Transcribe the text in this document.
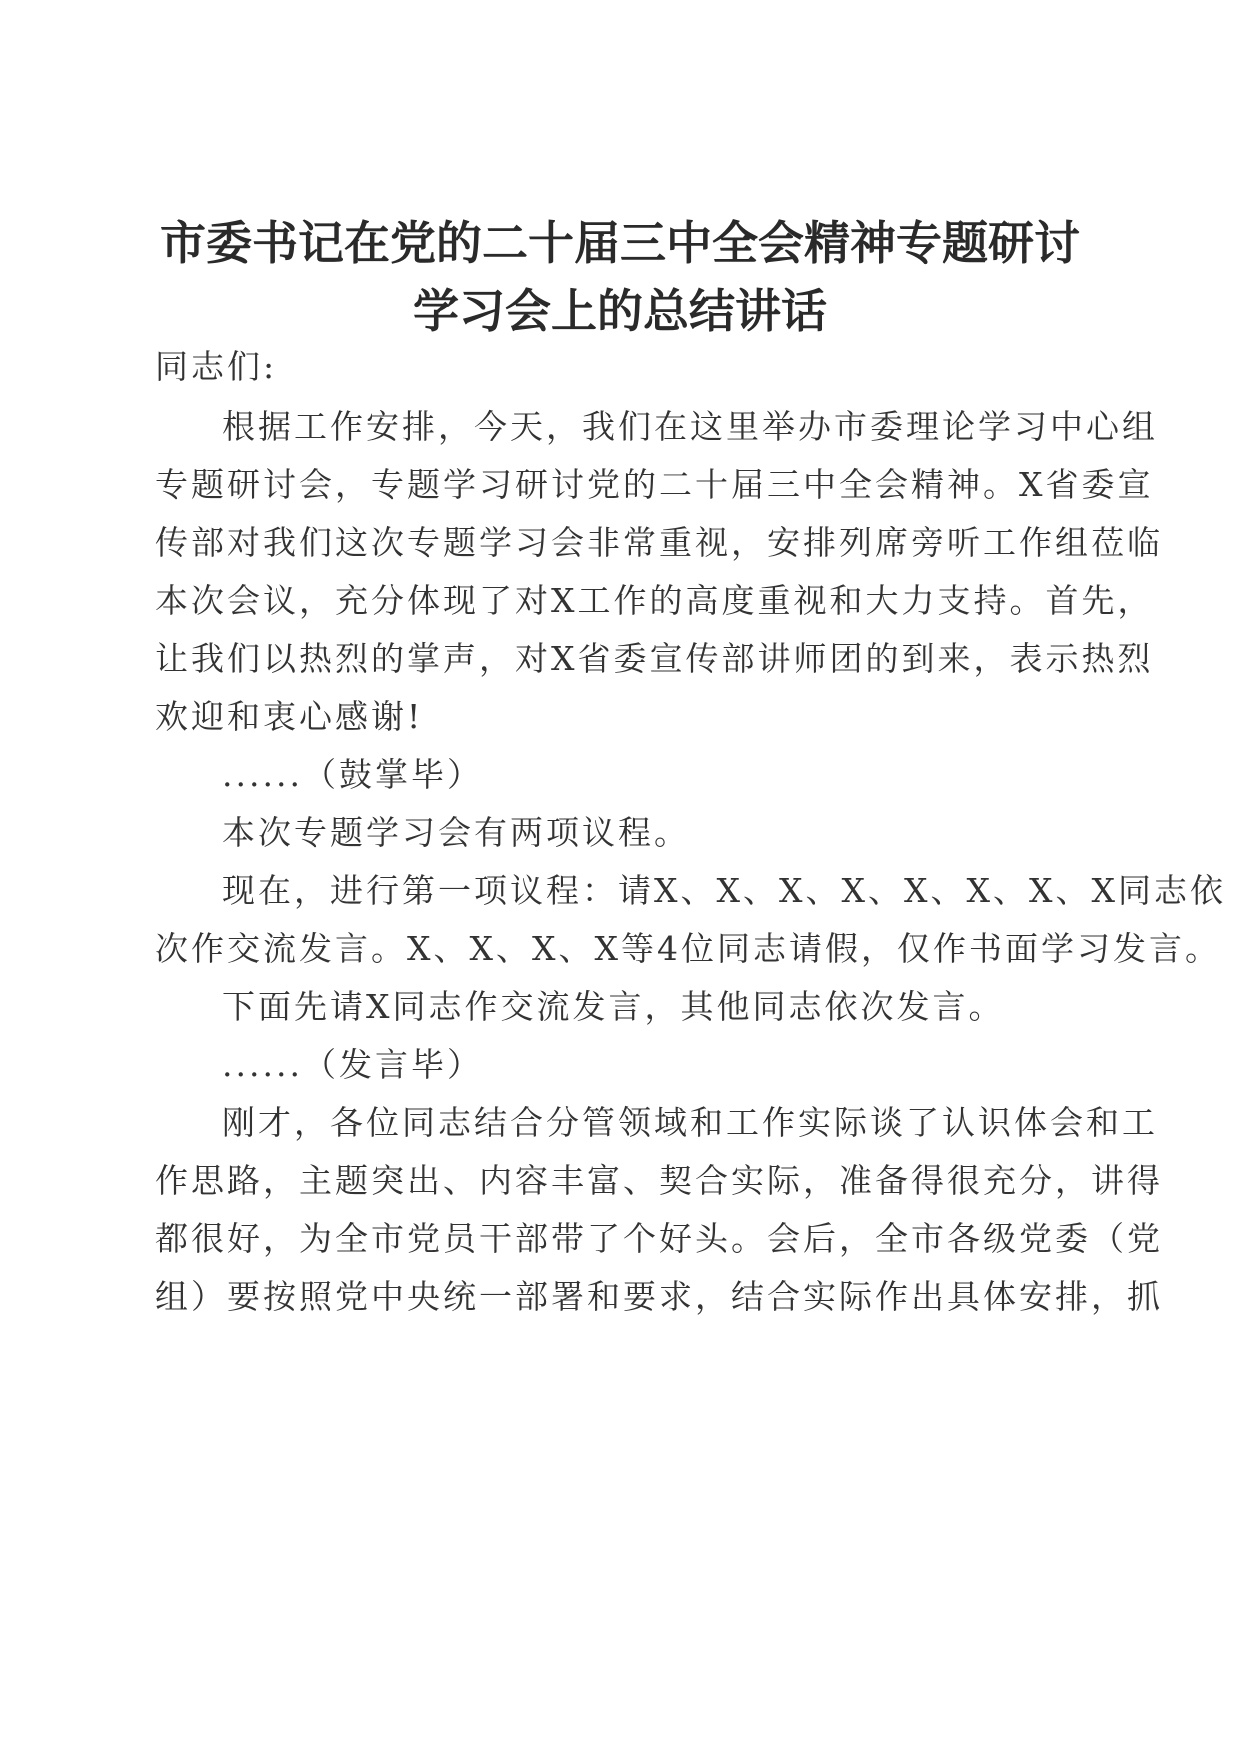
市委书记在党的二十届三中全会精神专题研讨
学习会上的总结讲话
同志们:
根据工作安排，今天，我们在这里举办市委理论学习中心组
专题研讨会，专题学习研讨党的二十届三中全会精神。X省委宣
传部对我们这次专题学习会非常重视，安排列席旁听工作组莅临
本次会议，充分体现了对X工作的高度重视和大力支持。首先，
让我们以热烈的掌声，对X省委宣传部讲师团的到来，表示热烈
欢迎和衷心感谢!
......（鼓掌毕）
本次专题学习会有两项议程。
现在，进行第一项议程：请X、X、X、X、X、X、X、X同志依
次作交流发言。X、X、X、X等4位同志请假，仅作书面学习发言。
下面先请X同志作交流发言，其他同志依次发言。
......（发言毕）
刚才，各位同志结合分管领域和工作实际谈了认识体会和工
作思路，主题突出、内容丰富、契合实际，准备得很充分，讲得
都很好，为全市党员干部带了个好头。会后，全市各级党委（党
组）要按照党中央统一部署和要求，结合实际作出具体安排，抓
